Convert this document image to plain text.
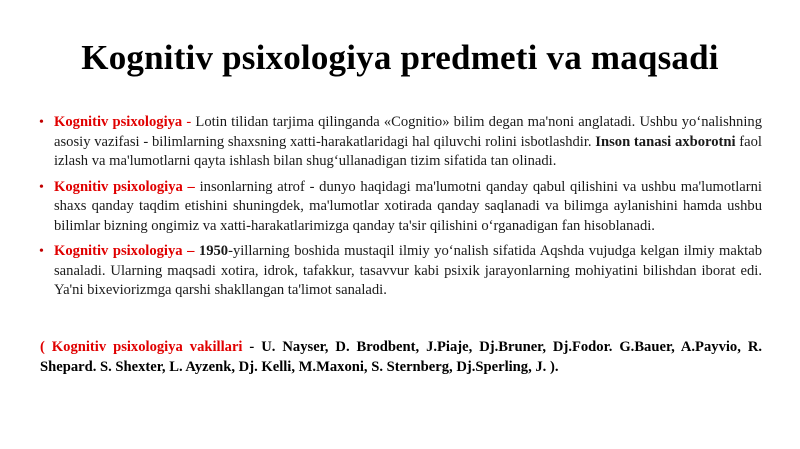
Kognitiv psixologiya predmeti va maqsadi
• Kognitiv psixologiya - Lotin tilidan tarjima qilinganda «Cognitio» bilim degan ma'noni anglatadi. Ushbu yo‘nalishning asosiy vazifasi - bilimlarning shaxsning xatti-harakatlaridagi hal qiluvchi rolini isbotlashdir. Inson tanasi axborotni faol izlash va ma'lumotlarni qayta ishlash bilan shug‘ullanadigan tizim sifatida tan olinadi.
• Kognitiv psixologiya – insonlarning atrof - dunyo haqidagi ma'lumotni qanday qabul qilishini va ushbu ma'lumotlarni shaxs qanday taqdim etishini shuningdek, ma'lumotlar xotirada qanday saqlanadi va bilimga aylanishini hamda ushbu bilimlar bizning ongimiz va xatti-harakatlarimizga qanday ta'sir qilishini o‘rganadigan fan hisoblanadi.
• Kognitiv psixologiya – 1950-yillarning boshida mustaqil ilmiy yo‘nalish sifatida Aqshda vujudga kelgan ilmiy maktab sanaladi. Ularning maqsadi xotira, idrok, tafakkur, tasavvur kabi psixik jarayonlarning mohiyatini bilishdan iborat edi. Ya'ni bixeviorizmga qarshi shakllangan ta'limot sanaladi.
( Kognitiv psixologiya vakillari - U. Nayser, D. Brodbent, J.Piaje, Dj.Bruner, Dj.Fodor. G.Bauer, A.Payvio, R. Shepard. S. Shexter, L. Ayzenk, Dj. Kelli, M.Maxoni, S. Sternberg, Dj.Sperling, J. ).
